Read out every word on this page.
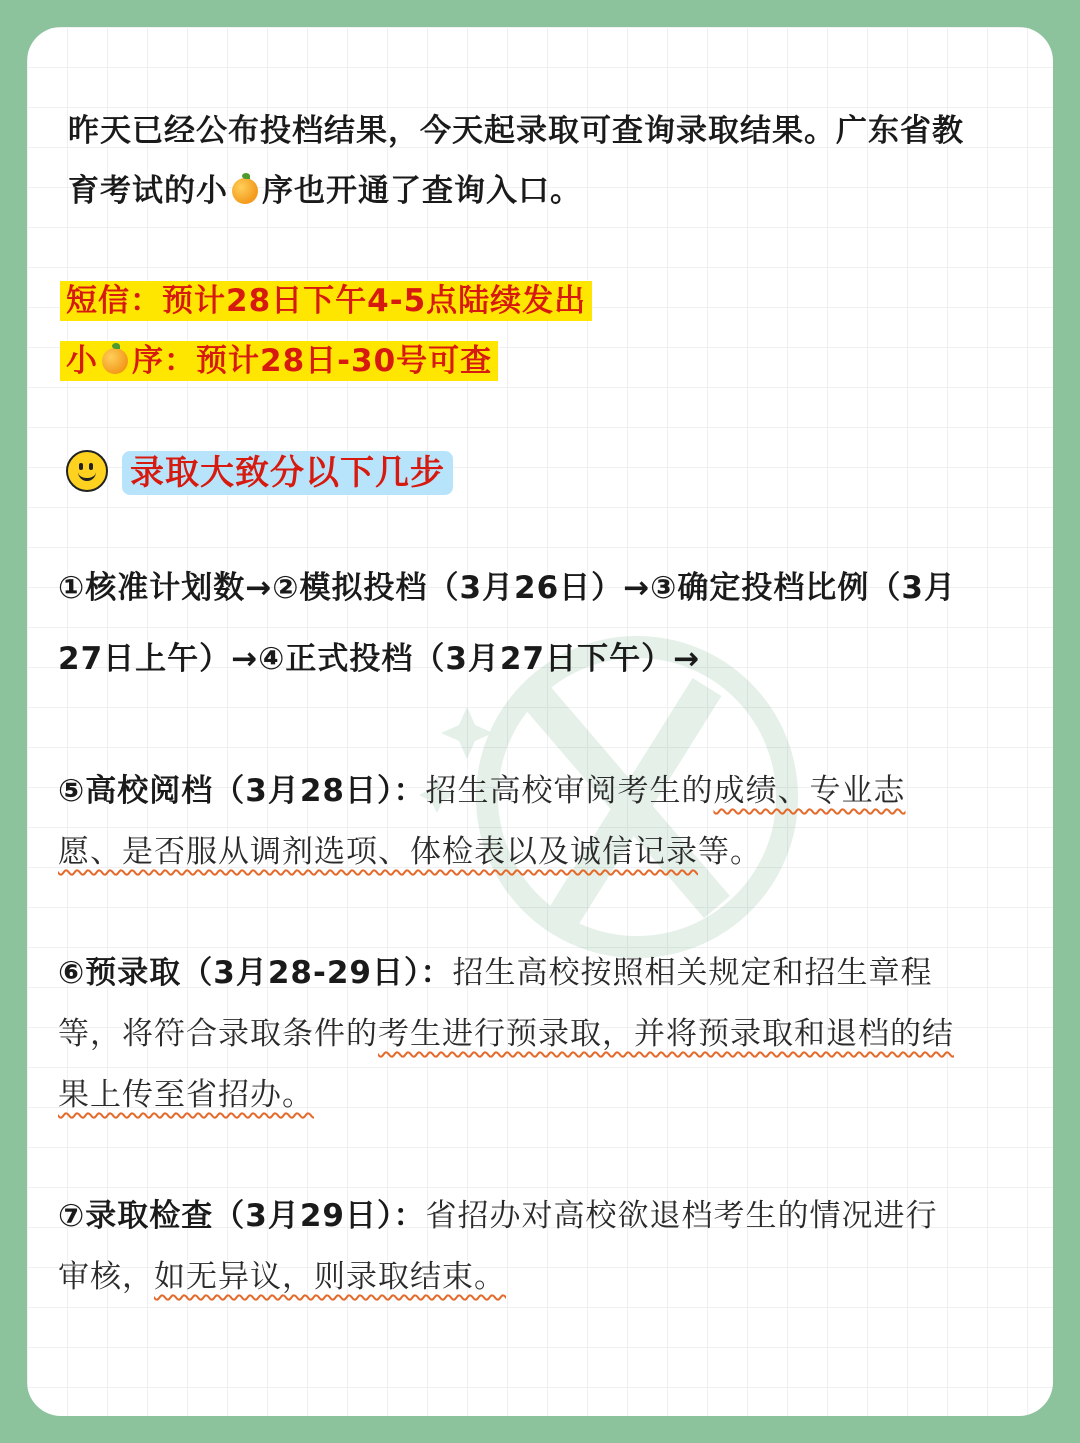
昨天已经公布投档结果，今天起录取可查询录取结果。广东省教
育考试的小 序也开通了查询入口。
短信：预计28日下午4-5点陆续发出
小 序：预计28日-30号可查
录取大致分以下几步
①核准计划数→②模拟投档（3月26日）→③确定投档比例（3月
27日上午）→④正式投档（3月27日下午）→
⑤高校阅档（3月28日）：招生高校审阅考生的成绩、专业志
愿、是否服从调剂选项、体检表以及诚信记录等。
⑥预录取（3月28-29日）：招生高校按照相关规定和招生章程
等，将符合录取条件的考生进行预录取，并将预录取和退档的结
果上传至省招办。
⑦录取检查（3月29日）：省招办对高校欲退档考生的情况进行
审核，如无异议，则录取结束。
